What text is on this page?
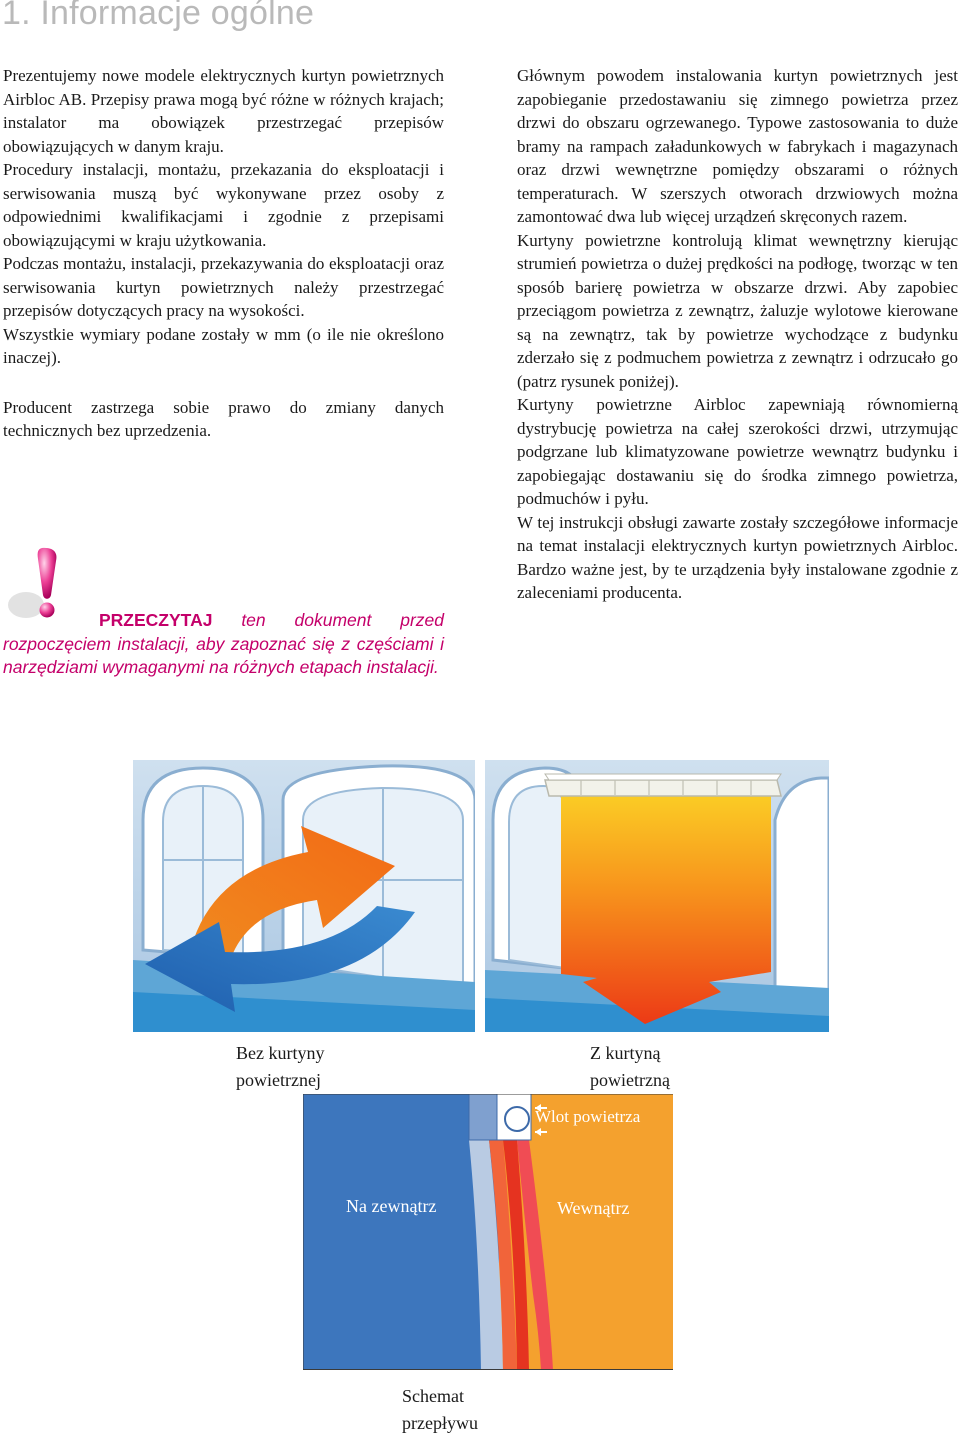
1. Informacje ogólne

Prezentujemy nowe modele elektrycznych kurtyn powietrznych Airbloc AB. Przepisy prawa mogą być różne w różnych krajach; instalator ma obowiązek przestrzegać przepisów obowiązujących w danym kraju.

Procedury instalacji, montażu, przekazania do eksploatacji i serwisowania muszą być wykonywane przez osoby z odpowiednimi kwalifikacjami i zgodnie z przepisami obowiązującymi w kraju użytkowania.

Podczas montażu, instalacji, przekazywania do eksploatacji oraz serwisowania kurtyn powietrznych należy przestrzegać przepisów dotyczących pracy na wysokości.

Wszystkie wymiary podane zostały w mm (o ile nie określono inaczej).

Producent zastrzega sobie prawo do zmiany danych technicznych bez uprzedzenia.

PRZECZYTAJ ten dokument przed rozpoczęciem instalacji, aby zapoznać się z częściami i narzędziami wymaganymi na różnych etapach instalacji.

Głównym powodem instalowania kurtyn powietrznych jest zapobieganie przedostawaniu się zimnego powietrza przez drzwi do obszaru ogrzewanego. Typowe zastosowania to duże bramy na rampach załadunkowych w fabrykach i magazynach oraz drzwi wewnętrzne pomiędzy obszarami o różnych temperaturach. W szerszych otworach drzwiowych można zamontować dwa lub więcej urządzeń skręconych razem.

Kurtyny powietrzne kontrolują klimat wewnętrzny kierując strumień powietrza o dużej prędkości na podłogę, tworząc w ten sposób barierę powietrza w obszarze drzwi. Aby zapobiec przeciągom powietrza z zewnątrz, żaluzje wylotowe kierowane są na zewnątrz, tak by powietrze wychodzące z budynku zderzało się z podmuchem powietrza z zewnątrz i odrzucało go (patrz rysunek poniżej).

Kurtyny powietrzne Airbloc zapewniają równomierną dystrybucję powietrza na całej szerokości drzwi, utrzymując podgrzane lub klimatyzowane powietrze wewnątrz budynku i zapobiegając dostawaniu się do środka zimnego powietrza, podmuchów i pyłu.

W tej instrukcji obsługi zawarte zostały szczegółowe informacje na temat instalacji elektrycznych kurtyn powietrznych Airbloc. Bardzo ważne jest, by te urządzenia były instalowane zgodnie z zaleceniami producenta.

Bez kurtyny powietrznej
Z kurtyną powietrzną
Na zewnątrz	Wewnątrz
Wlot powietrza
Schemat przepływu
